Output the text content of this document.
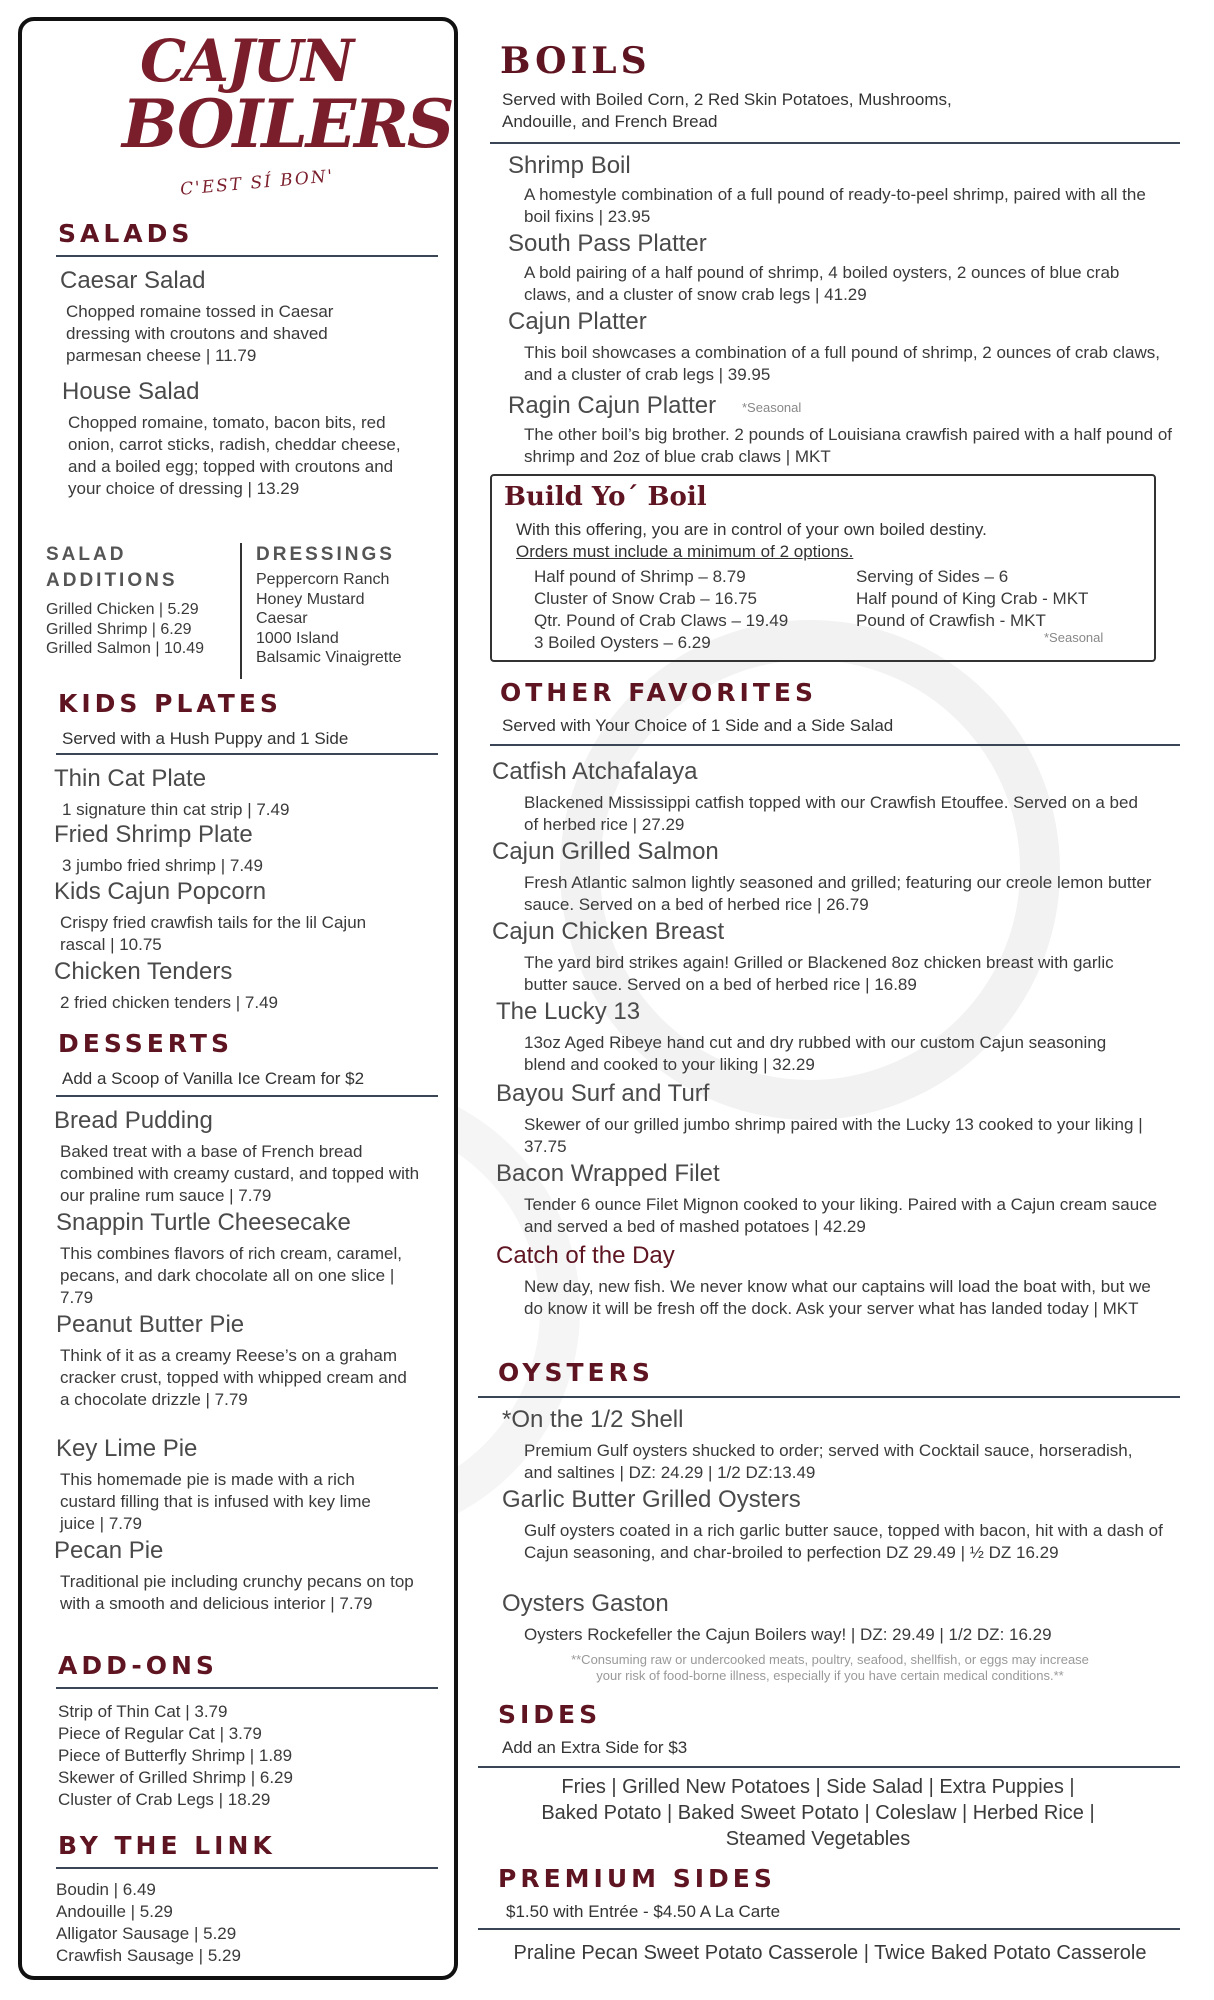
CAJUN
BOILERS
C'EST SÍ BON'
SALADS
Caesar Salad
Chopped romaine tossed in Caesar dressing with croutons and shaved parmesan cheese | 11.79
House Salad
Chopped romaine, tomato, bacon bits, red onion, carrot sticks, radish, cheddar cheese, and a boiled egg; topped with croutons and your choice of dressing | 13.29
SALAD ADDITIONS
Grilled Chicken | 5.29
Grilled Shrimp | 6.29
Grilled Salmon | 10.49
DRESSINGS
Peppercorn Ranch
Honey Mustard
Caesar
1000 Island
Balsamic Vinaigrette
KIDS PLATES
Served with a Hush Puppy and 1 Side
Thin Cat Plate
1 signature thin cat strip | 7.49
Fried Shrimp Plate
3 jumbo fried shrimp | 7.49
Kids Cajun Popcorn
Crispy fried crawfish tails for the lil Cajun rascal | 10.75
Chicken Tenders
2 fried chicken tenders | 7.49
DESSERTS
Add a Scoop of Vanilla Ice Cream for $2
Bread Pudding
Baked treat with a base of French bread combined with creamy custard, and topped with our praline rum sauce | 7.79
Snappin Turtle Cheesecake
This combines flavors of rich cream, caramel, pecans, and dark chocolate all on one slice | 7.79
Peanut Butter Pie
Think of it as a creamy Reese’s on a graham cracker crust, topped with whipped cream and a chocolate drizzle | 7.79
Key Lime Pie
This homemade pie is made with a rich custard filling that is infused with key lime juice | 7.79
Pecan Pie
Traditional pie including crunchy pecans on top with a smooth and delicious interior | 7.79
ADD-ONS
Strip of Thin Cat | 3.79
Piece of Regular Cat | 3.79
Piece of Butterfly Shrimp | 1.89
Skewer of Grilled Shrimp | 6.29
Cluster of Crab Legs | 18.29
BY THE LINK
Boudin | 6.49
Andouille | 5.29
Alligator Sausage | 5.29
Crawfish Sausage | 5.29
BOILS
Served with Boiled Corn, 2 Red Skin Potatoes, Mushrooms,
Andouille, and French Bread
Shrimp Boil
A homestyle combination of a full pound of ready-to-peel shrimp, paired with all the boil fixins | 23.95
South Pass Platter
A bold pairing of a half pound of shrimp, 4 boiled oysters, 2 ounces of blue crab claws, and a cluster of snow crab legs | 41.29
Cajun Platter
This boil showcases a combination of a full pound of shrimp, 2 ounces of crab claws, and a cluster of crab legs | 39.95
Ragin Cajun Platter *Seasonal
The other boil’s big brother. 2 pounds of Louisiana crawfish paired with a half pound of shrimp and 2oz of blue crab claws | MKT
Build Yo´ Boil
With this offering, you are in control of your own boiled destiny.
Orders must include a minimum of 2 options.
Half pound of Shrimp – 8.79
Cluster of Snow Crab – 16.75
Qtr. Pound of Crab Claws – 19.49
3 Boiled Oysters – 6.29
Serving of Sides – 6
Half pound of King Crab - MKT
Pound of Crawfish - MKT
*Seasonal
OTHER FAVORITES
Served with Your Choice of 1 Side and a Side Salad
Catfish Atchafalaya
Blackened Mississippi catfish topped with our Crawfish Etouffee. Served on a bed of herbed rice | 27.29
Cajun Grilled Salmon
Fresh Atlantic salmon lightly seasoned and grilled; featuring our creole lemon butter sauce. Served on a bed of herbed rice | 26.79
Cajun Chicken Breast
The yard bird strikes again! Grilled or Blackened 8oz chicken breast with garlic butter sauce. Served on a bed of herbed rice | 16.89
The Lucky 13
13oz Aged Ribeye hand cut and dry rubbed with our custom Cajun seasoning blend and cooked to your liking | 32.29
Bayou Surf and Turf
Skewer of our grilled jumbo shrimp paired with the Lucky 13 cooked to your liking | 37.75
Bacon Wrapped Filet
Tender 6 ounce Filet Mignon cooked to your liking. Paired with a Cajun cream sauce and served a bed of mashed potatoes | 42.29
Catch of the Day
New day, new fish. We never know what our captains will load the boat with, but we do know it will be fresh off the dock. Ask your server what has landed today | MKT
OYSTERS
*On the 1/2 Shell
Premium Gulf oysters shucked to order; served with Cocktail sauce, horseradish, and saltines | DZ: 24.29 | 1/2 DZ:13.49
Garlic Butter Grilled Oysters
Gulf oysters coated in a rich garlic butter sauce, topped with bacon, hit with a dash of Cajun seasoning, and char-broiled to perfection DZ 29.49 | ½ DZ 16.29
Oysters Gaston
Oysters Rockefeller the Cajun Boilers way! | DZ: 29.49 | 1/2 DZ: 16.29
**Consuming raw or undercooked meats, poultry, seafood, shellfish, or eggs may increase
your risk of food-borne illness, especially if you have certain medical conditions.**
SIDES
Add an Extra Side for $3
Fries | Grilled New Potatoes | Side Salad | Extra Puppies |
Baked Potato | Baked Sweet Potato | Coleslaw | Herbed Rice |
Steamed Vegetables
PREMIUM SIDES
$1.50 with Entrée - $4.50 A La Carte
Praline Pecan Sweet Potato Casserole | Twice Baked Potato Casserole
